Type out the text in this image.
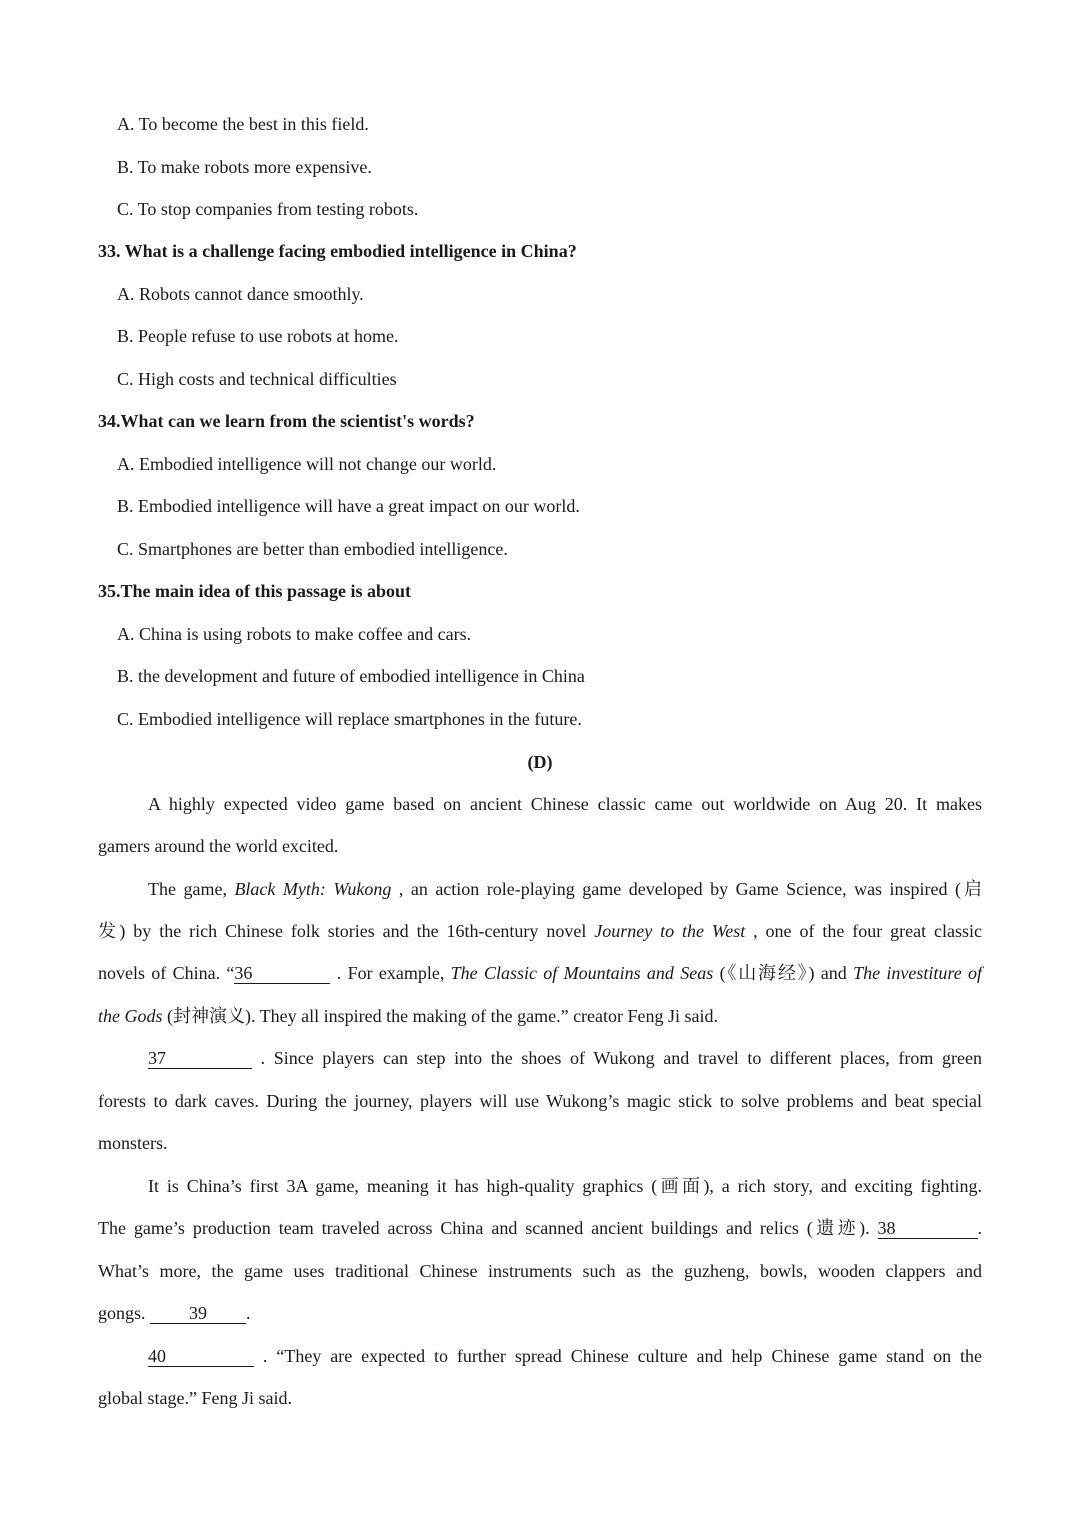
A. To become the best in this field.
B. To make robots more expensive.
C. To stop companies from testing robots.
33. What is a challenge facing embodied intelligence in China?
A. Robots cannot dance smoothly.
B. People refuse to use robots at home.
C. High costs and technical difficulties
34.What can we learn from the scientist's words?
A. Embodied intelligence will not change our world.
B. Embodied intelligence will have a great impact on our world.
C. Smartphones are better than embodied intelligence.
35.The main idea of this passage is about
A. China is using robots to make coffee and cars.
B. the development and future of embodied intelligence in China
C. Embodied intelligence will replace smartphones in the future.
(D)
A highly expected video game based on ancient Chinese classic came out worldwide on Aug 20. It makes
gamers around the world excited.
The game, Black Myth: Wukong , an action role-playing game developed by Game Science, was inspired (启
发) by the rich Chinese folk stories and the 16th-century novel Journey to the West , one of the four great classic
novels of China. “36	. For example, The Classic of Mountains and Seas (《山海经》) and The investiture of
the Gods (封神演义). They all inspired the making of the game.” creator Feng Ji said.
37	. Since players can step into the shoes of Wukong and travel to different places, from green
forests to dark caves. During the journey, players will use Wukong’s magic stick to solve problems and beat special
monsters.
It is China’s first 3A game, meaning it has high-quality graphics (画面), a rich story, and exciting fighting.
The game’s production team traveled across China and scanned ancient buildings and relics (遗迹). 38	.
What’s more, the game uses traditional Chinese instruments such as the guzheng, bowls, wooden clappers and
gongs. 39 .
40	. “They are expected to further spread Chinese culture and help Chinese game stand on the
global stage.” Feng Ji said.
